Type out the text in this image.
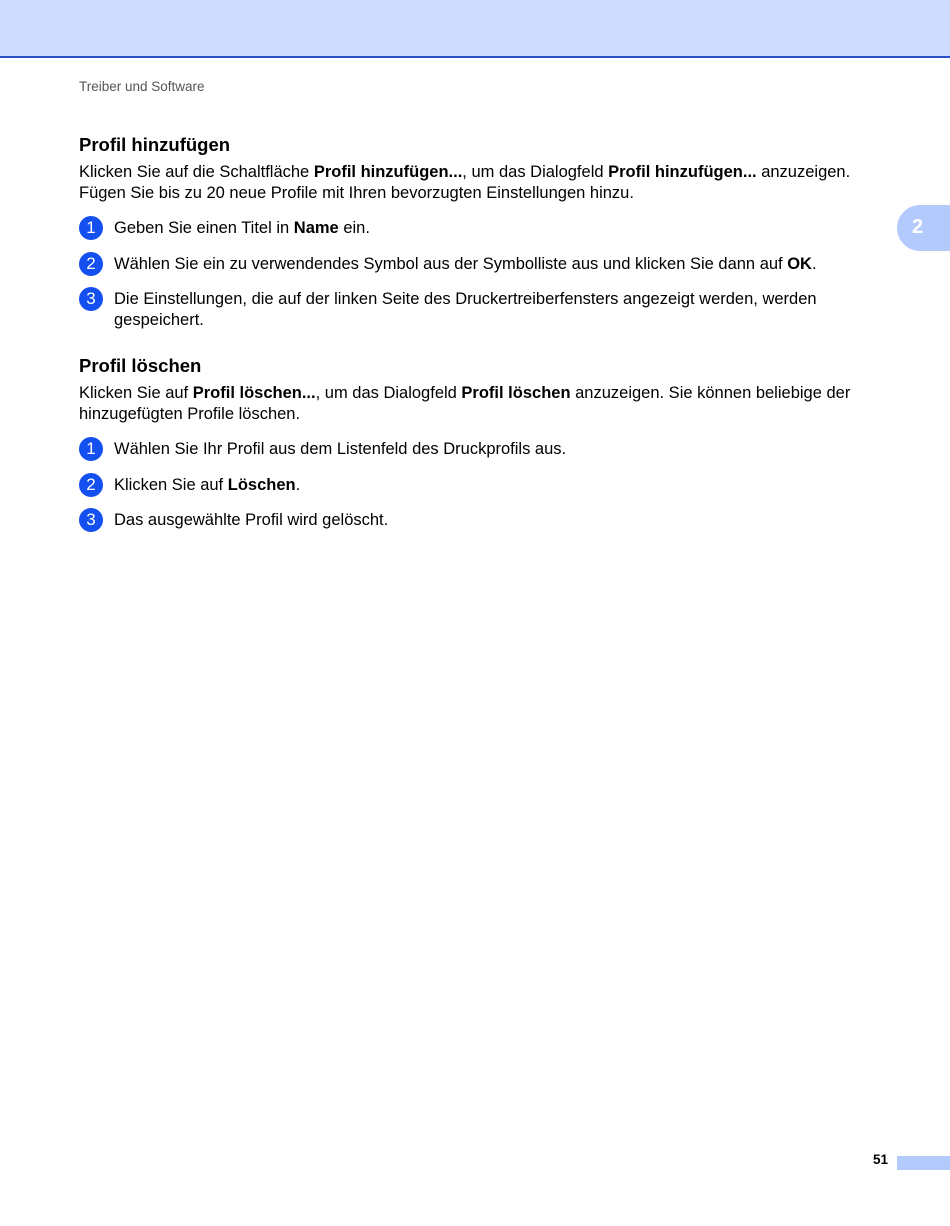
Treiber und Software
2
Profil hinzufügen

Klicken Sie auf die Schaltfläche Profil hinzufügen..., um das Dialogfeld Profil hinzufügen... anzuzeigen. Fügen Sie bis zu 20 neue Profile mit Ihren bevorzugten Einstellungen hinzu.

1	Geben Sie einen Titel in Name ein.
2	Wählen Sie ein zu verwendendes Symbol aus der Symbolliste aus und klicken Sie dann auf OK.
3	Die Einstellungen, die auf der linken Seite des Druckertreiberfensters angezeigt werden, werden gespeichert.
Profil löschen

Klicken Sie auf Profil löschen..., um das Dialogfeld Profil löschen anzuzeigen. Sie können beliebige der hinzugefügten Profile löschen.

1	Wählen Sie Ihr Profil aus dem Listenfeld des Druckprofils aus.
2	Klicken Sie auf Löschen.
3	Das ausgewählte Profil wird gelöscht.
51
